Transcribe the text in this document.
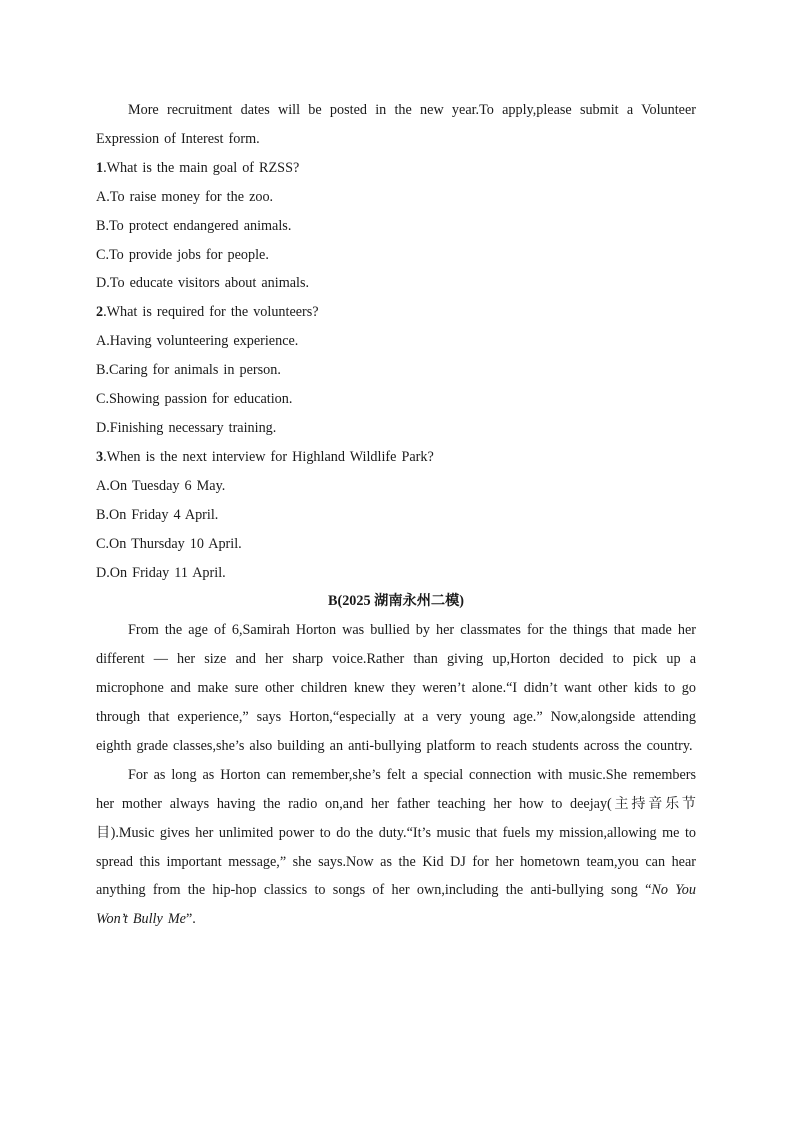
More recruitment dates will be posted in the new year.To apply,please submit a Volunteer Expression of Interest form.

1.What is the main goal of RZSS?

A.To raise money for the zoo.

B.To protect endangered animals.

C.To provide jobs for people.

D.To educate visitors about animals.

2.What is required for the volunteers?

A.Having volunteering experience.

B.Caring for animals in person.

C.Showing passion for education.

D.Finishing necessary training.

3.When is the next interview for Highland Wildlife Park?

A.On Tuesday 6 May.

B.On Friday 4 April.

C.On Thursday 10 April.

D.On Friday 11 April.

B(2025 湖南永州二模)

From the age of 6,Samirah Horton was bullied by her classmates for the things that made her different — her size and her sharp voice.Rather than giving up,Horton decided to pick up a microphone and make sure other children knew they weren’t alone.“I didn’t want other kids to go through that experience,” says Horton,“especially at a very young age.” Now,alongside attending eighth grade classes,she’s also building an anti-bullying platform to reach students across the country.

For as long as Horton can remember,she’s felt a special connection with music.She remembers her mother always having the radio on,and her father teaching her how to deejay(主持音乐节目).Music gives her unlimited power to do the duty.“It’s music that fuels my mission,allowing me to spread this important message,” she says.Now as the Kid DJ for her hometown team,you can hear anything from the hip-hop classics to songs of her own,including the anti-bullying song “No You Won’t Bully Me”.
